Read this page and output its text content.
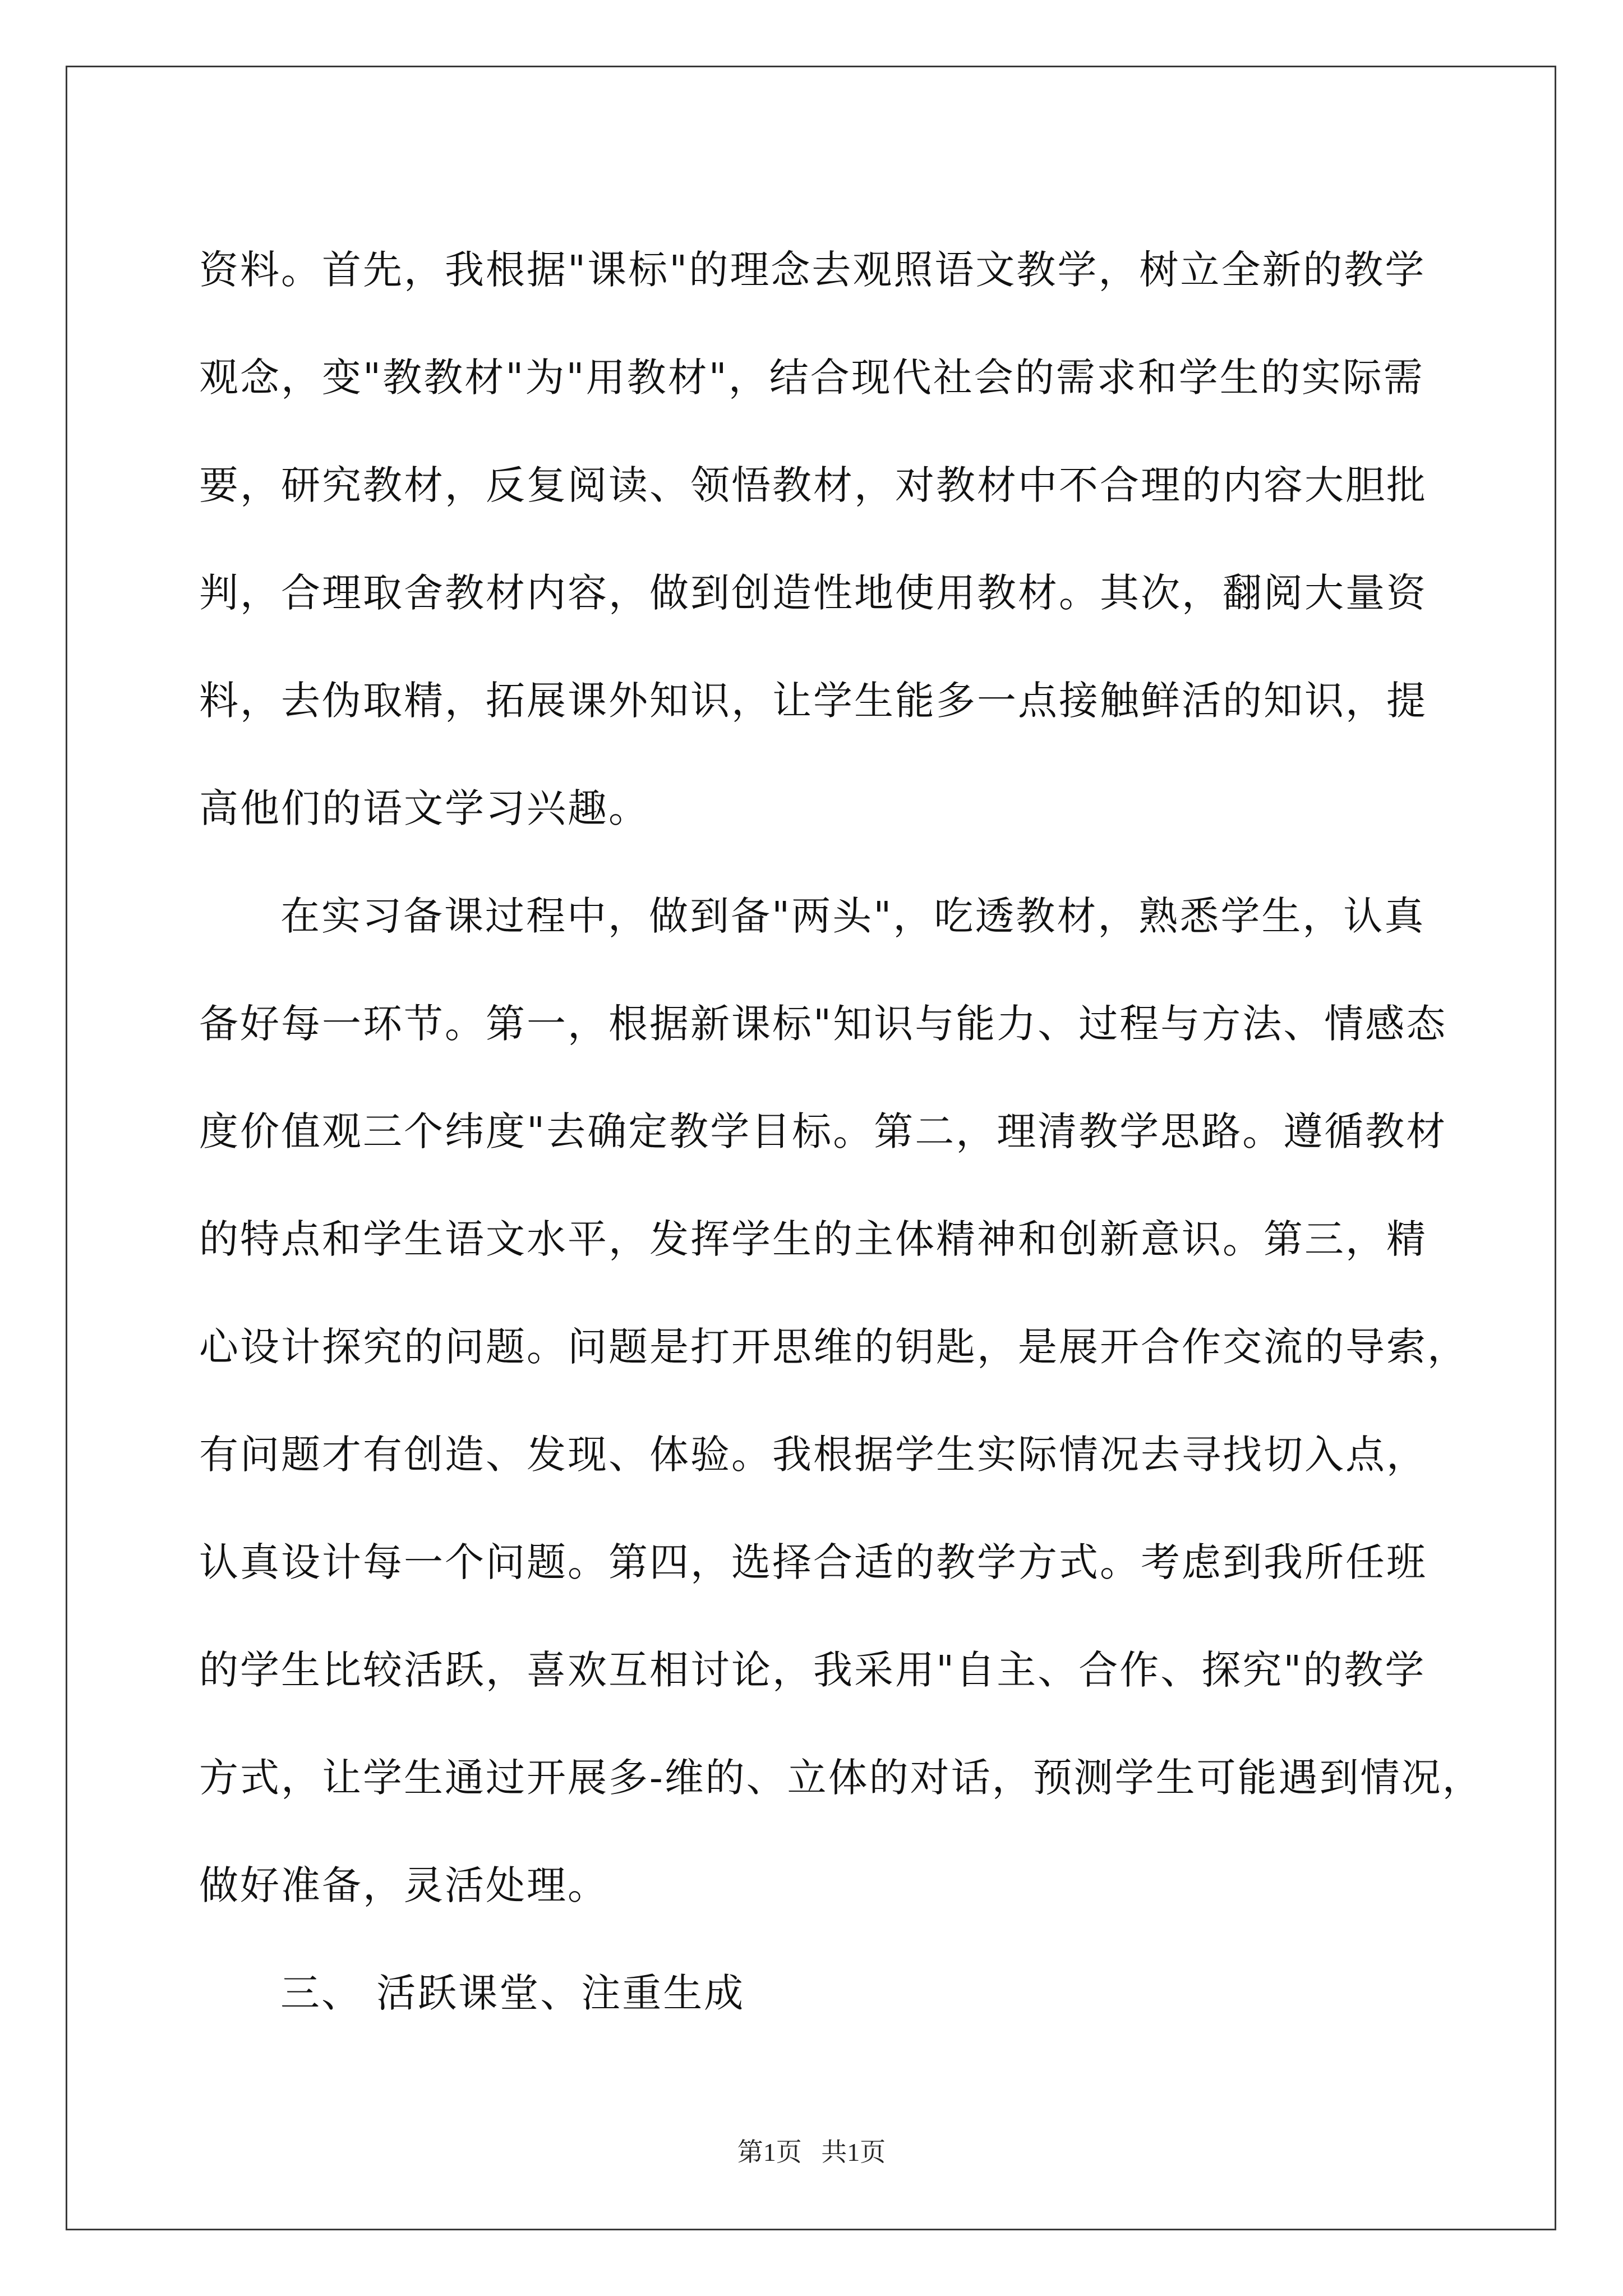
资料。首先，我根据"课标"的理念去观照语文教学，树立全新的教学
观念，变"教教材"为"用教材"，结合现代社会的需求和学生的实际需
要，研究教材，反复阅读、领悟教材，对教材中不合理的内容大胆批
判，合理取舍教材内容，做到创造性地使用教材。其次，翻阅大量资
料，去伪取精，拓展课外知识，让学生能多一点接触鲜活的知识，提
高他们的语文学习兴趣。
在实习备课过程中，做到备"两头"，吃透教材，熟悉学生，认真
备好每一环节。第一，根据新课标"知识与能力、过程与方法、情感态
度价值观三个纬度"去确定教学目标。第二，理清教学思路。遵循教材
的特点和学生语文水平，发挥学生的主体精神和创新意识。第三，精
心设计探究的问题。问题是打开思维的钥匙，是展开合作交流的导索，
有问题才有创造、发现、体验。我根据学生实际情况去寻找切入点，
认真设计每一个问题。第四，选择合适的教学方式。考虑到我所任班
的学生比较活跃，喜欢互相讨论，我采用"自主、合作、探究"的教学
方式，让学生通过开展多-维的、立体的对话，预测学生可能遇到情况，
做好准备，灵活处理。
三、 活跃课堂、注重生成
第1页   共1页
